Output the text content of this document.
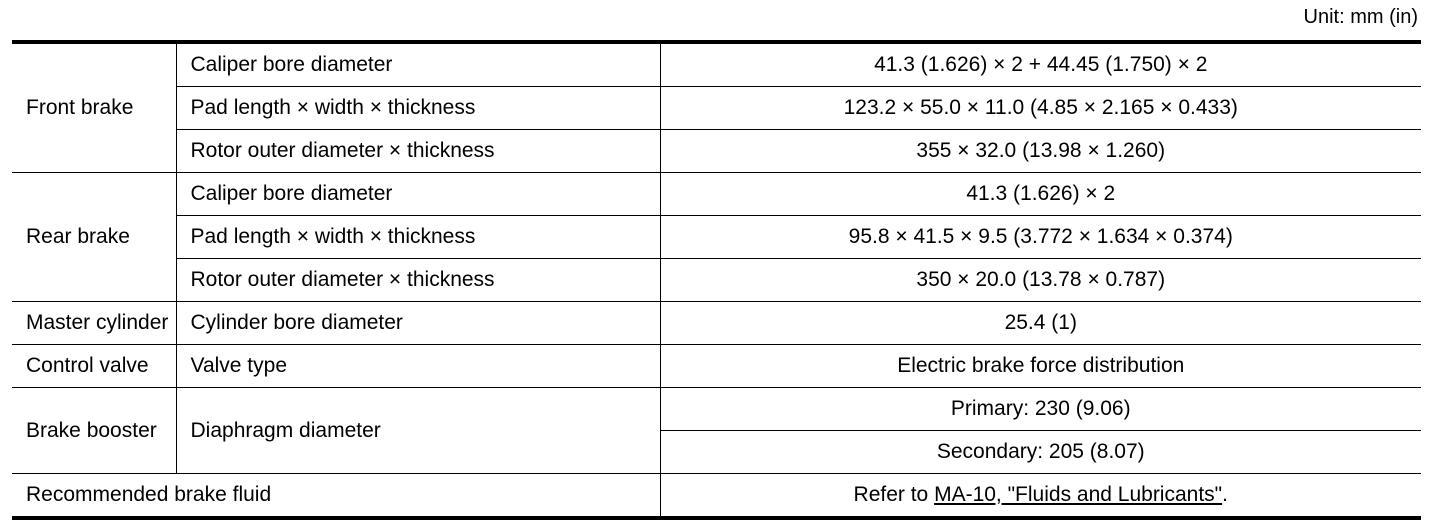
Unit: mm (in)
Front brake	Caliper bore diameter	41.3 (1.626) × 2 + 44.45 (1.750) × 2
	Pad length × width × thickness	123.2 × 55.0 × 11.0 (4.85 × 2.165 × 0.433)
	Rotor outer diameter × thickness	355 × 32.0 (13.98 × 1.260)
Rear brake	Caliper bore diameter	41.3 (1.626) × 2
	Pad length × width × thickness	95.8 × 41.5 × 9.5 (3.772 × 1.634 × 0.374)
	Rotor outer diameter × thickness	350 × 20.0 (13.78 × 0.787)
Master cylinder	Cylinder bore diameter	25.4 (1)
Control valve	Valve type	Electric brake force distribution
Brake booster	Diaphragm diameter	Primary: 230 (9.06)
		Secondary: 205 (8.07)
Recommended brake fluid		Refer to MA-10, "Fluids and Lubricants".
